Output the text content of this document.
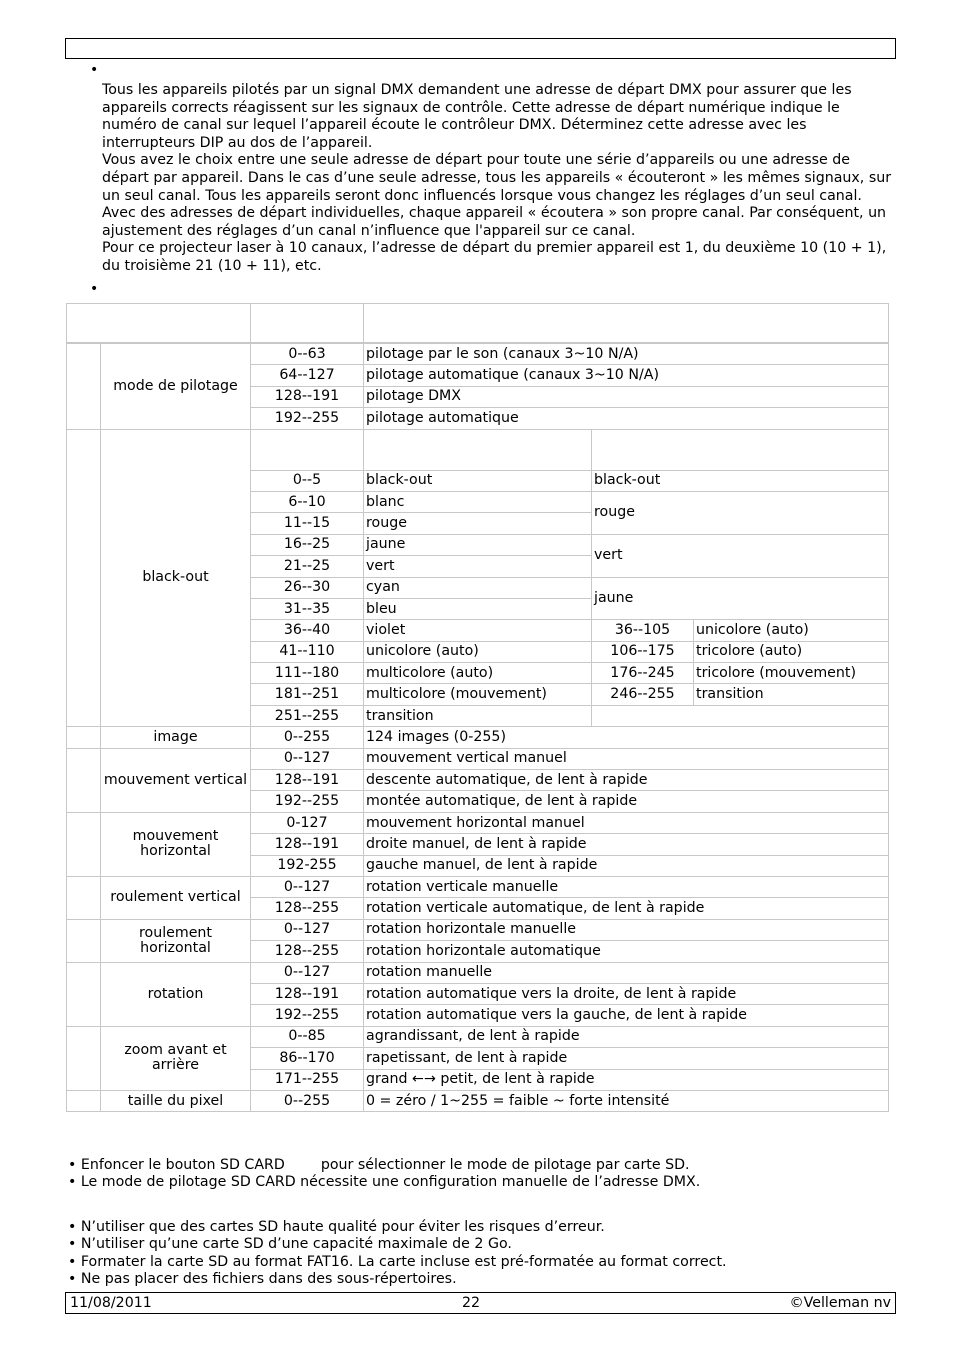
•

Tous les appareils pilotés par un signal DMX demandent une adresse de départ DMX pour assurer que les appareils corrects réagissent sur les signaux de contrôle. Cette adresse de départ numérique indique le numéro de canal sur lequel l’appareil écoute le contrôleur DMX. Déterminez cette adresse avec les interrupteurs DIP au dos de l’appareil.

Vous avez le choix entre une seule adresse de départ pour toute une série d’appareils ou une adresse de départ par appareil. Dans le cas d’une seule adresse, tous les appareils « écouteront » les mêmes signaux, sur un seul canal. Tous les appareils seront donc influencés lorsque vous changez les réglages d’un seul canal. Avec des adresses de départ individuelles, chaque appareil « écoutera » son propre canal. Par conséquent, un ajustement des réglages d’un canal n’influence que l'appareil sur ce canal.

Pour ce projecteur laser à 10 canaux, l’adresse de départ du premier appareil est 1, du deuxième 10 (10 + 1), du troisième 21 (10 + 11), etc.

•

	mode de pilotage	0--63	pilotage par le son (canaux 3~10 N/A)		
		64--127	pilotage automatique (canaux 3~10 N/A)		
		128--191	pilotage DMX		
		192--255	pilotage automatique		
	black-out				
		0--5	black-out	black-out	
		6--10	blanc	rouge	
		11--15	rouge		
		16--25	jaune	vert	
		21--25	vert		
		26--30	cyan	jaune	
		31--35	bleu		
		36--40	violet	36--105	unicolore (auto)
		41--110	unicolore (auto)	106--175	tricolore (auto)
		111--180	multicolore (auto)	176--245	tricolore (mouvement)
		181--251	multicolore (mouvement)	246--255	transition
		251--255	transition		
	image	0--255	124 images (0-255)		
	mouvement vertical	0--127	mouvement vertical manuel		
		128--191	descente automatique, de lent à rapide		
		192--255	montée automatique, de lent à rapide		
	mouvement horizontal	0-127	mouvement horizontal manuel		
		128--191	droite manuel, de lent à rapide		
		192-255	gauche manuel, de lent à rapide		
	roulement vertical	0--127	rotation verticale manuelle		
		128--255	rotation verticale automatique, de lent à rapide		
	roulement horizontal	0--127	rotation horizontale manuelle		
		128--255	rotation horizontale automatique		
	rotation	0--127	rotation manuelle		
		128--191	rotation automatique vers la droite, de lent à rapide		
		192--255	rotation automatique vers la gauche, de lent à rapide		
	zoom avant et arrière	0--85	agrandissant, de lent à rapide		
		86--170	rapetissant, de lent à rapide		
		171--255	grand ←→ petit, de lent à rapide		
	taille du pixel	0--255	0 = zéro / 1~255 = faible ~ forte intensité		
• Enfoncer le bouton SD CARD	pour sélectionner le mode de pilotage par carte SD.
• Le mode de pilotage SD CARD nécessite une configuration manuelle de l’adresse DMX.
• N’utiliser que des cartes SD haute qualité pour éviter les risques d’erreur.
• N’utiliser qu’une carte SD d’une capacité maximale de 2 Go.
• Formater la carte SD au format FAT16. La carte incluse est pré-formatée au format correct.
• Ne pas placer des fichiers dans des sous-répertoires.
11/08/2011	22	©Velleman nv
